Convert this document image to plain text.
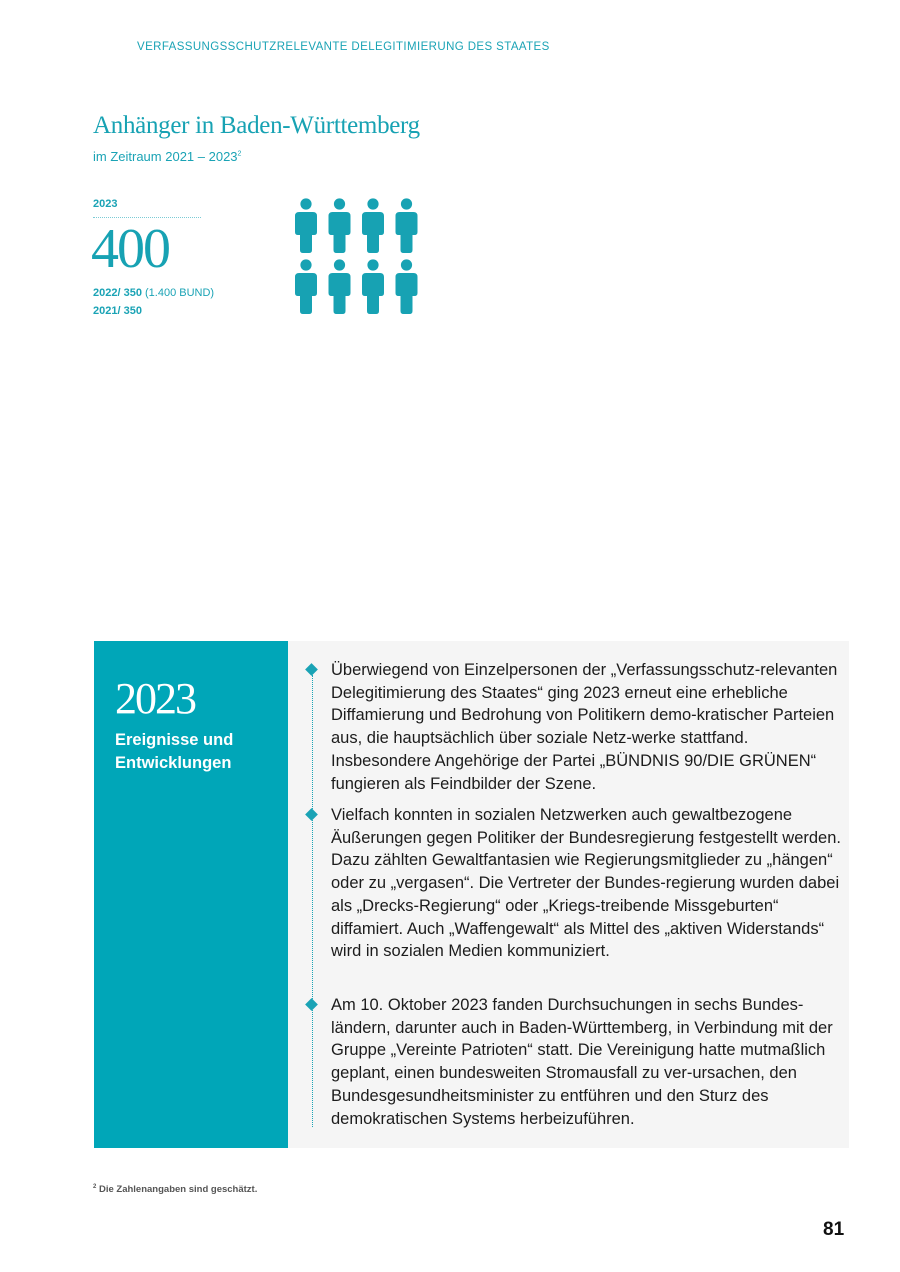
VERFASSUNGSSCHUTZRELEVANTE DELEGITIMIERUNG DES STAATES
Anhänger in Baden-Württemberg
im Zeitraum 2021 – 2023$^2$
2023
400
2022/ 350 (1.400 BUND)
2021/ 350
2023
Ereignisse und Entwicklungen
Überwiegend von Einzelpersonen der „Verfassungsschutz-relevanten Delegitimierung des Staates“ ging 2023 erneut eine erhebliche Diffamierung und Bedrohung von Politikern demo-kratischer Parteien aus, die hauptsächlich über soziale Netz-werke stattfand. Insbesondere Angehörige der Partei „BÜNDNIS 90/DIE GRÜNEN“ fungieren als Feindbilder der Szene.
Vielfach konnten in sozialen Netzwerken auch gewaltbezogene Äußerungen gegen Politiker der Bundesregierung festgestellt werden. Dazu zählten Gewaltfantasien wie Regierungsmitglieder zu „hängen“ oder zu „vergasen“. Die Vertreter der Bundes-regierung wurden dabei als „Drecks-Regierung“ oder „Kriegs-treibende Missgeburten“ diffamiert. Auch „Waffengewalt“ als Mittel des „aktiven Widerstands“ wird in sozialen Medien kommuniziert.
Am 10. Oktober 2023 fanden Durchsuchungen in sechs Bundes-ländern, darunter auch in Baden-Württemberg, in Verbindung mit der Gruppe „Vereinte Patrioten“ statt. Die Vereinigung hatte mutmaßlich geplant, einen bundesweiten Stromausfall zu ver-ursachen, den Bundesgesundheitsminister zu entführen und den Sturz des demokratischen Systems herbeizuführen.
$^2$ Die Zahlenangaben sind geschätzt.
81
